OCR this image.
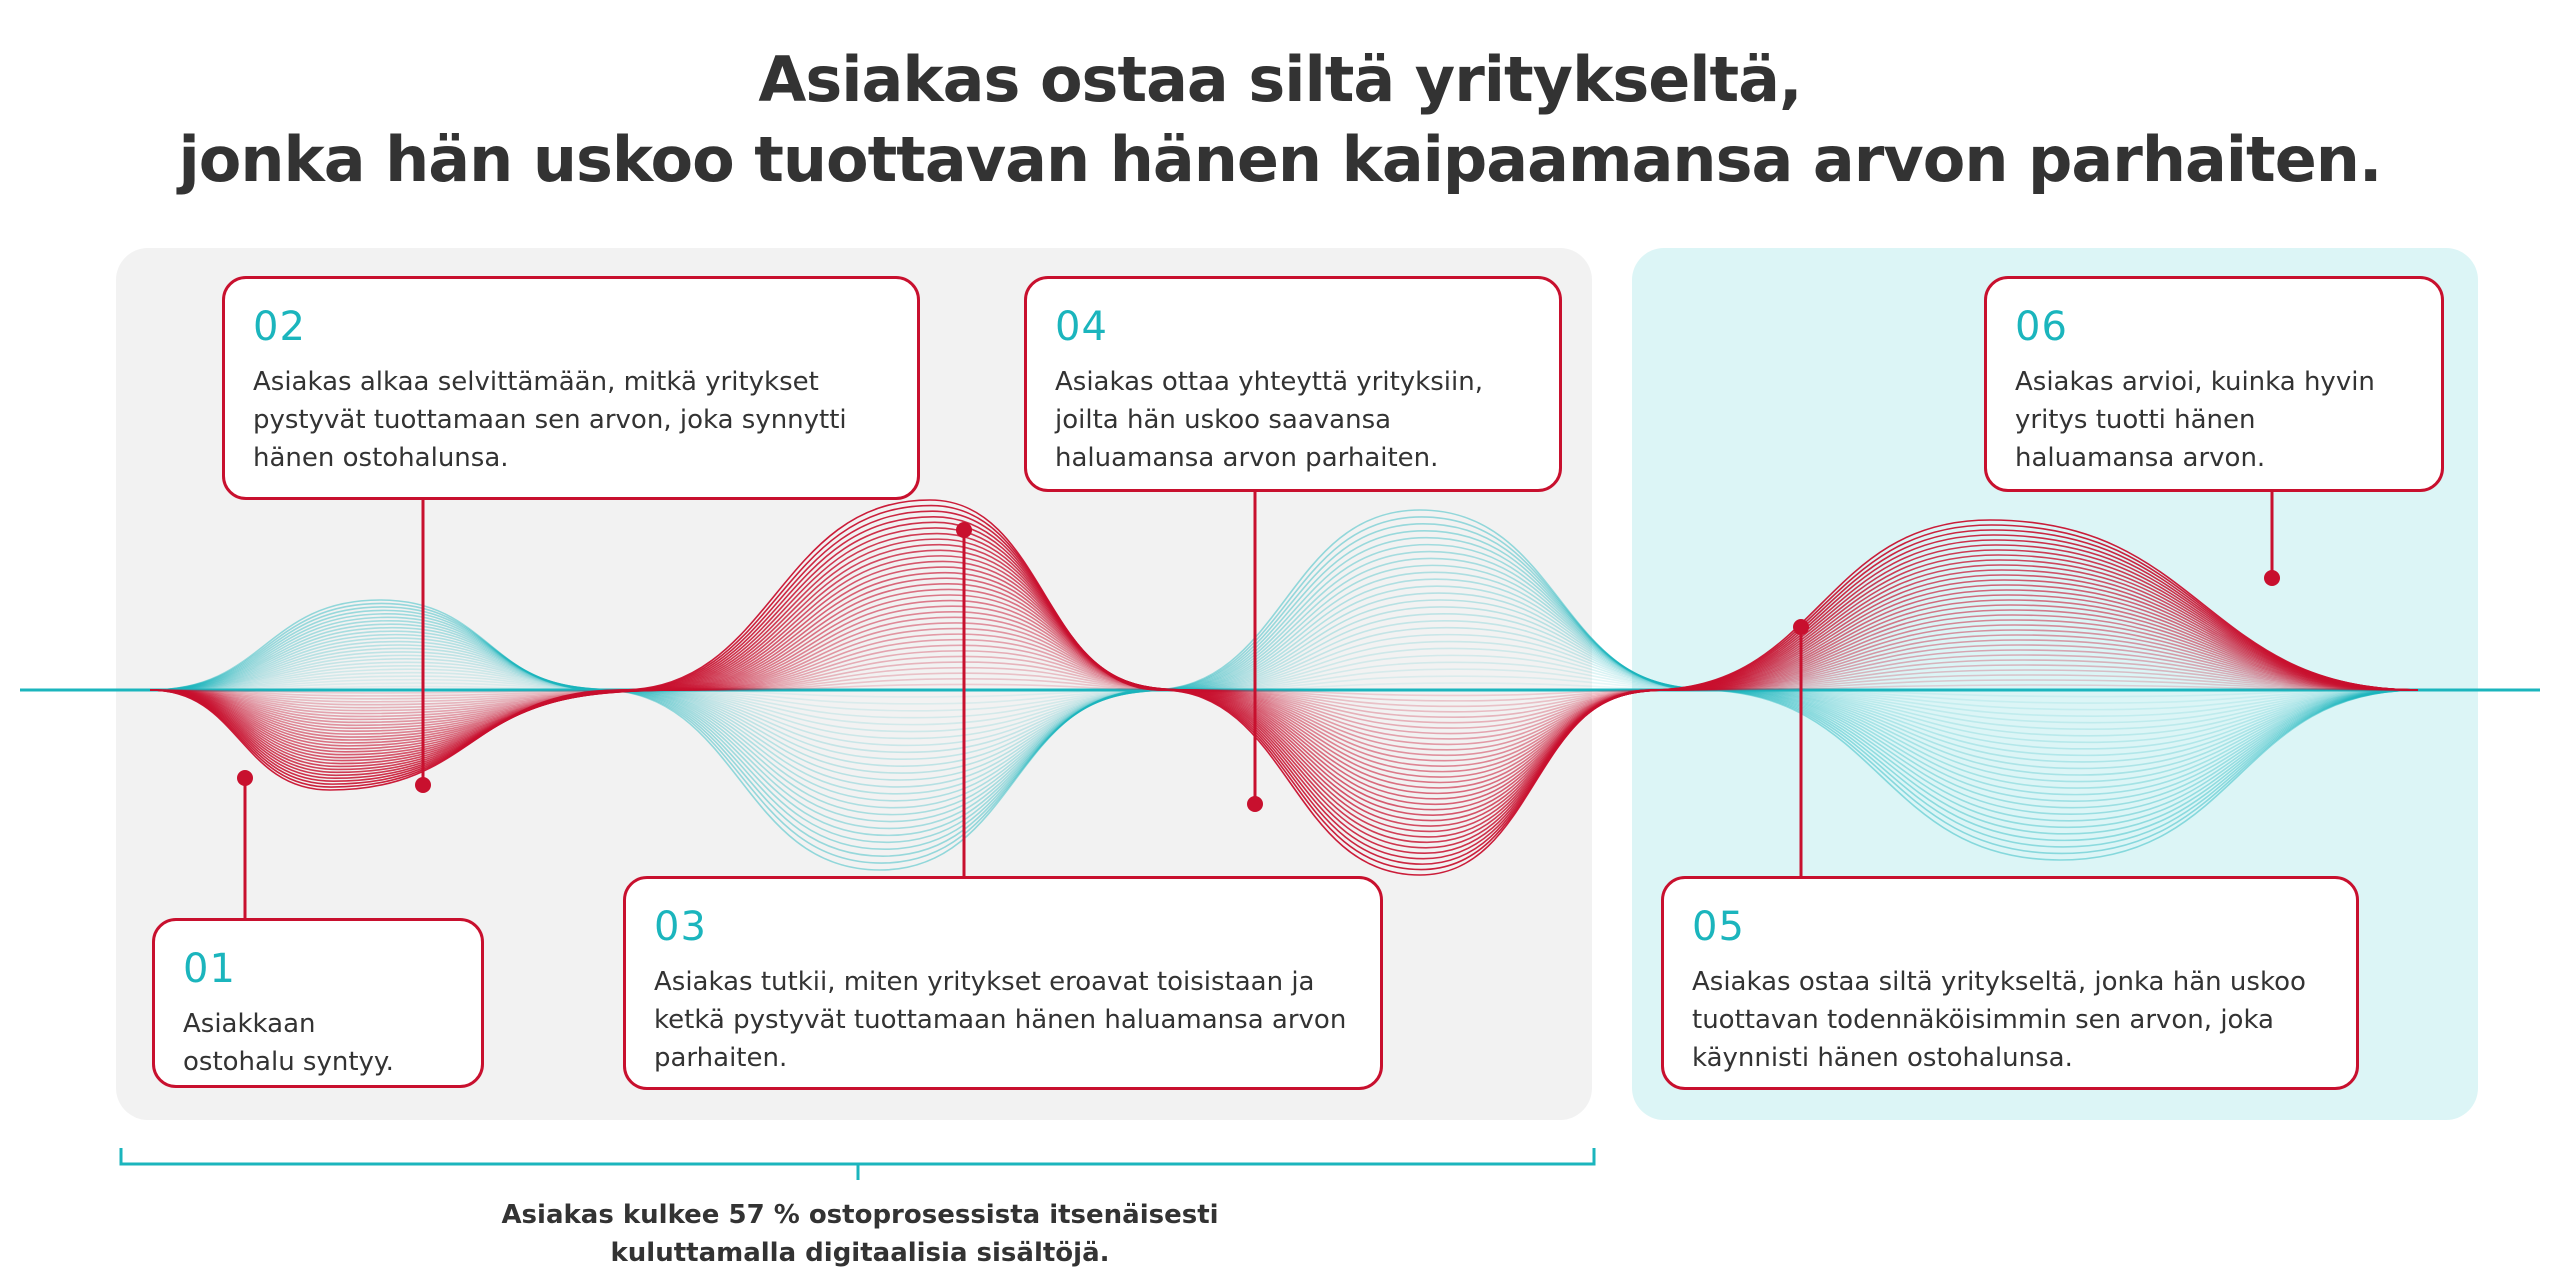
Asiakas ostaa siltä yritykseltä,
jonka hän uskoo tuottavan hänen kaipaamansa arvon parhaiten.
01
Asiakkaan ostohalu syntyy.
02
Asiakas alkaa selvittämään, mitkä yritykset pystyvät tuottamaan sen arvon, joka synnytti hänen ostohalunsa.
03
Asiakas tutkii, miten yritykset eroavat toisistaan ja ketkä pystyvät tuottamaan hänen haluamansa arvon parhaiten.
04
Asiakas ottaa yhteyttä yrityksiin, joilta hän uskoo saavansa haluamansa arvon parhaiten.
05
Asiakas ostaa siltä yritykseltä, jonka hän uskoo tuottavan todennäköisimmin sen arvon, joka käynnisti hänen ostohalunsa.
06
Asiakas arvioi, kuinka hyvin yritys tuotti hänen haluamansa arvon.
Asiakas kulkee 57 % ostoprosessista itsenäisesti
kuluttamalla digitaalisia sisältöjä.
